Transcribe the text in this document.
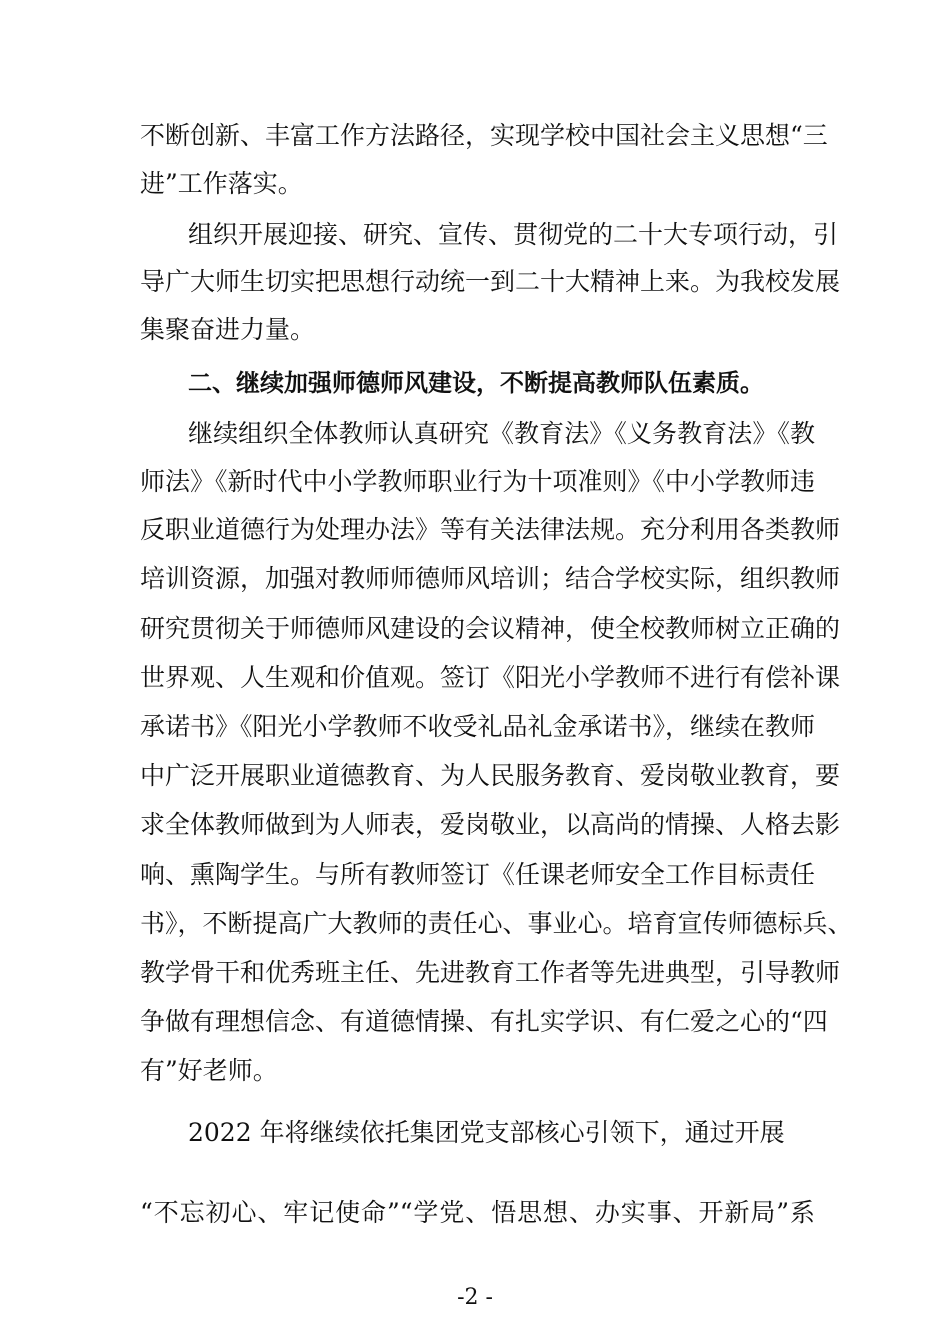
不断创新、丰富工作方法路径，实现学校中国社会主义思想“三
进”工作落实。
组织开展迎接、研究、宣传、贯彻党的二十大专项行动，引
导广大师生切实把思想行动统一到二十大精神上来。为我校发展
集聚奋进力量。
二、继续加强师德师风建设，不断提高教师队伍素质。
继续组织全体教师认真研究《教育法》《义务教育法》《教
师法》《新时代中小学教师职业行为十项准则》《中小学教师违
反职业道德行为处理办法》等有关法律法规。充分利用各类教师
培训资源，加强对教师师德师风培训；结合学校实际，组织教师
研究贯彻关于师德师风建设的会议精神，使全校教师树立正确的
世界观、人生观和价值观。签订《阳光小学教师不进行有偿补课
承诺书》《阳光小学教师不收受礼品礼金承诺书》，继续在教师
中广泛开展职业道德教育、为人民服务教育、爱岗敬业教育，要
求全体教师做到为人师表，爱岗敬业，以高尚的情操、人格去影
响、熏陶学生。与所有教师签订《任课老师安全工作目标责任
书》，不断提高广大教师的责任心、事业心。培育宣传师德标兵、
教学骨干和优秀班主任、先进教育工作者等先进典型，引导教师
争做有理想信念、有道德情操、有扎实学识、有仁爱之心的“四
有”好老师。
2022 年将继续依托集团党支部核心引领下，通过开展
“不忘初心、牢记使命”“学党、悟思想、办实事、开新局”系
-2 -
